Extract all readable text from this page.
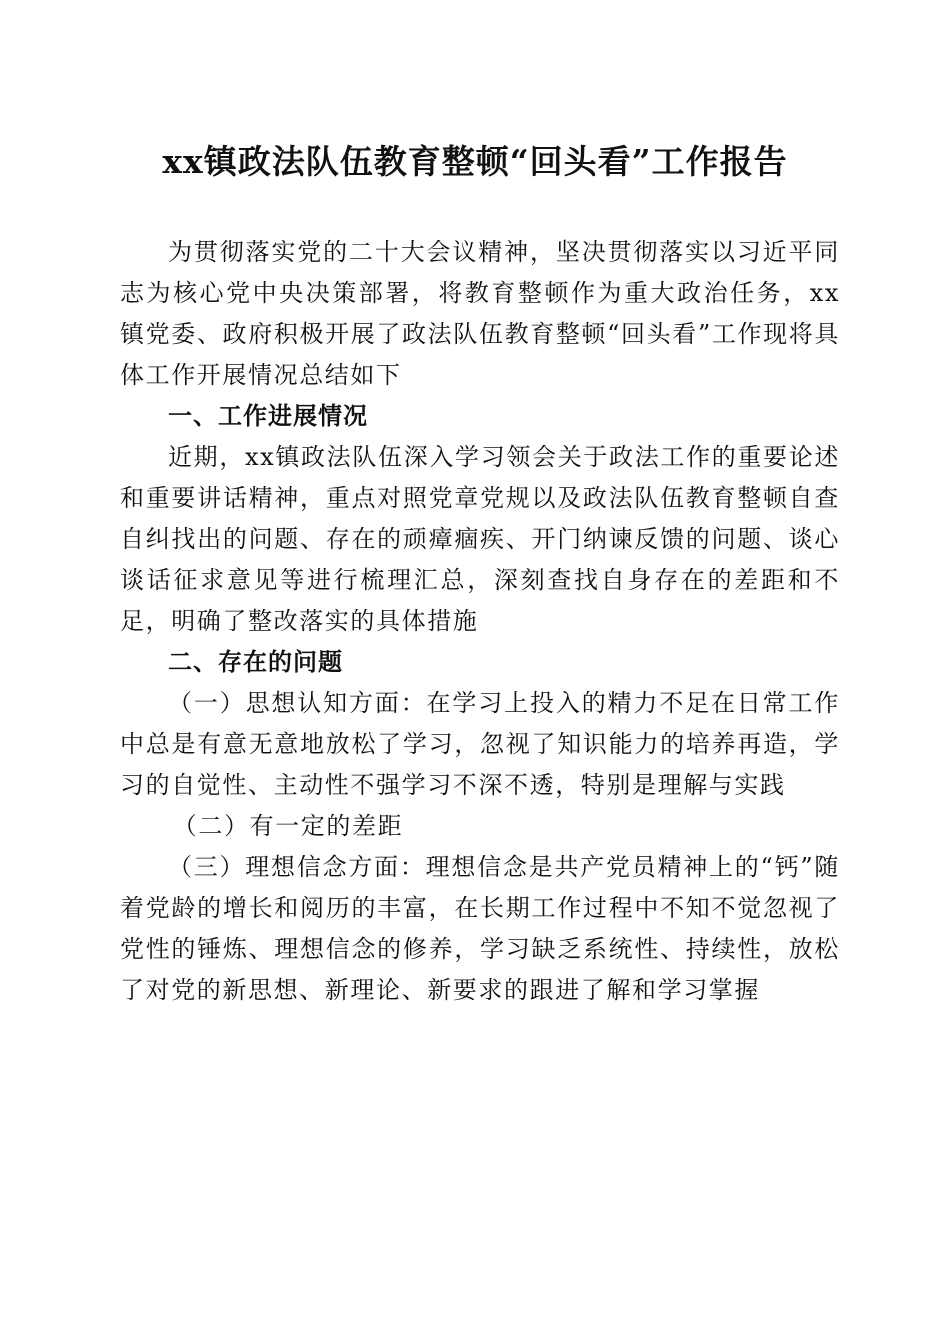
xx镇政法队伍教育整顿“回头看”工作报告

为贯彻落实党的二十大会议精神，坚决贯彻落实以习近平同志为核心党中央决策部署，将教育整顿作为重大政治任务，xx镇党委、政府积极开展了政法队伍教育整顿“回头看”工作现将具体工作开展情况总结如下

一、工作进展情况

近期，xx镇政法队伍深入学习领会关于政法工作的重要论述和重要讲话精神，重点对照党章党规以及政法队伍教育整顿自查自纠找出的问题、存在的顽瘴痼疾、开门纳谏反馈的问题、谈心谈话征求意见等进行梳理汇总，深刻查找自身存在的差距和不足，明确了整改落实的具体措施

二、存在的问题

（一）思想认知方面：在学习上投入的精力不足在日常工作中总是有意无意地放松了学习，忽视了知识能力的培养再造，学习的自觉性、主动性不强学习不深不透，特别是理解与实践

（二）有一定的差距

（三）理想信念方面：理想信念是共产党员精神上的“钙”随着党龄的增长和阅历的丰富，在长期工作过程中不知不觉忽视了党性的锤炼、理想信念的修养，学习缺乏系统性、持续性，放松了对党的新思想、新理论、新要求的跟进了解和学习掌握
